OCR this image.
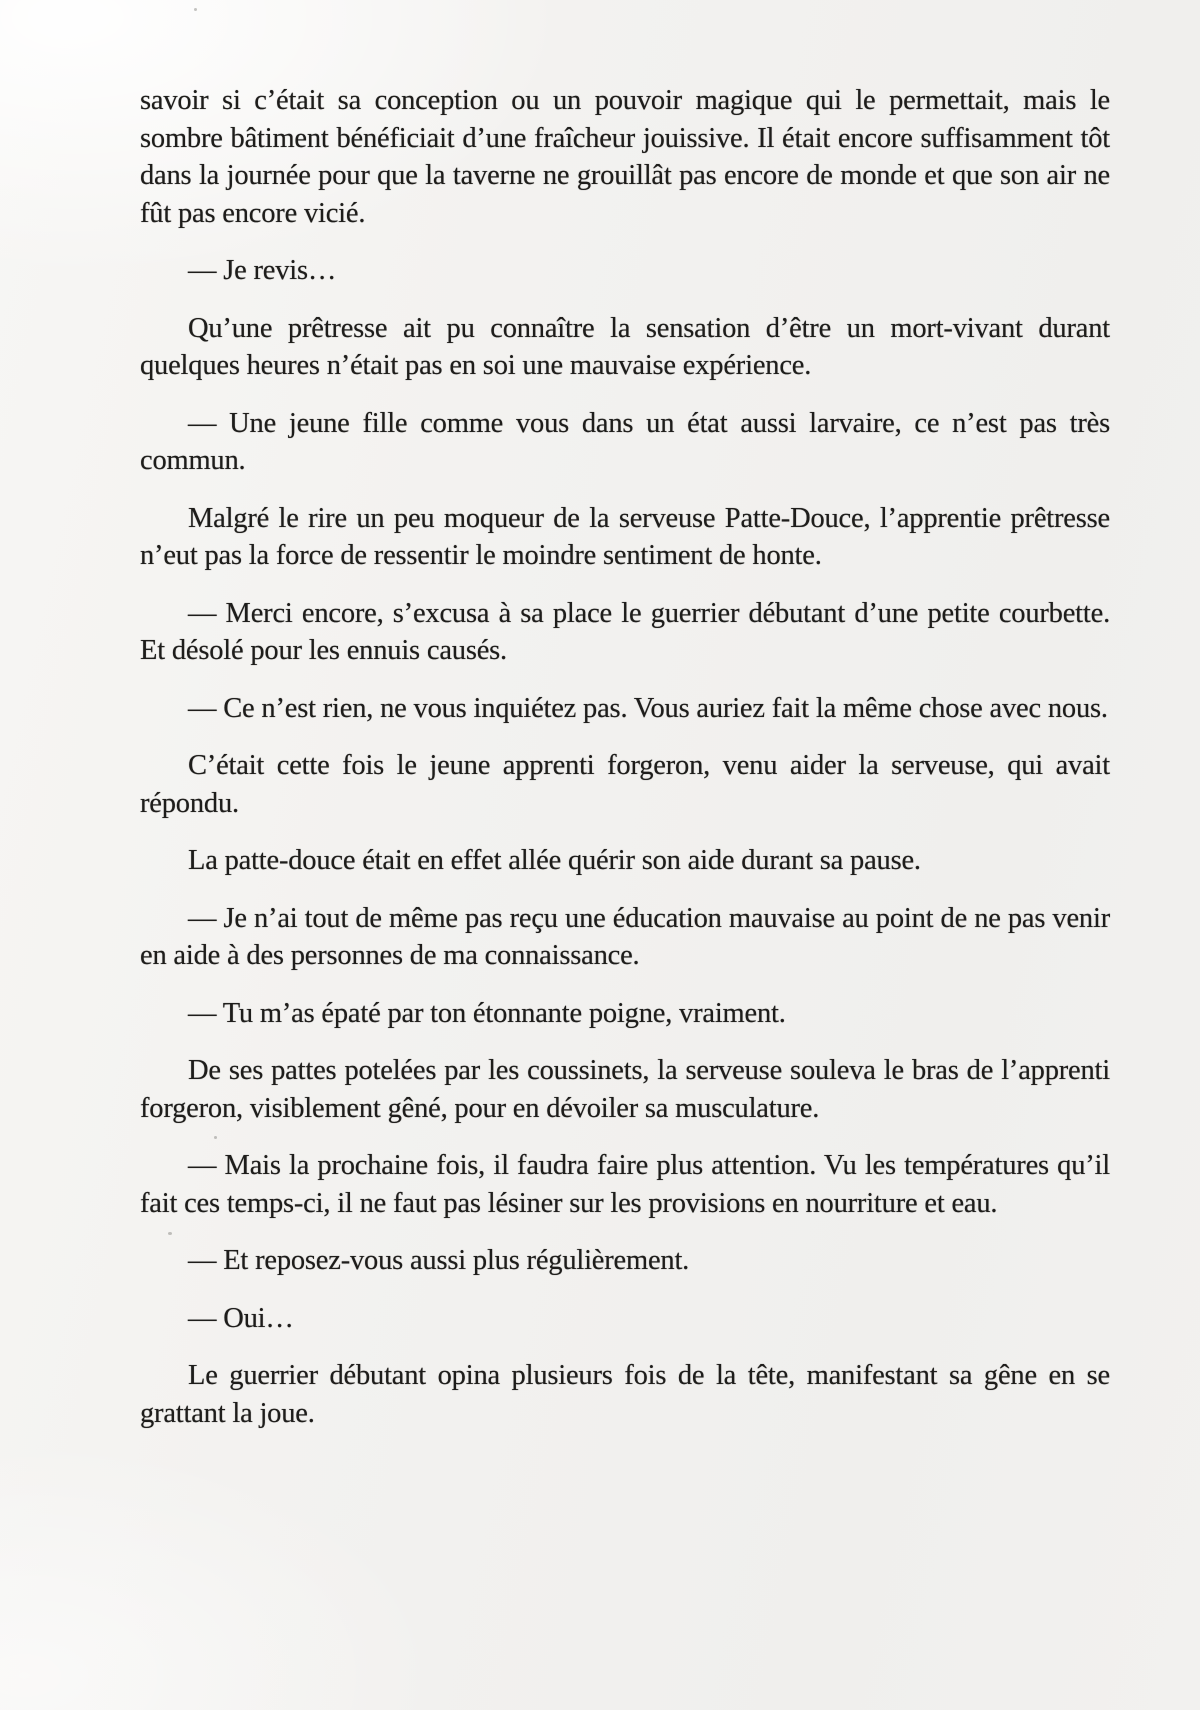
savoir si c’était sa conception ou un pouvoir magique qui le permettait, mais le sombre bâtiment bénéficiait d’une fraîcheur jouissive. Il était encore suffisamment tôt dans la journée pour que la taverne ne grouillât pas encore de monde et que son air ne fût pas encore vicié.

— Je revis…

Qu’une prêtresse ait pu connaître la sensation d’être un mort-vivant durant quelques heures n’était pas en soi une mauvaise expérience.

— Une jeune fille comme vous dans un état aussi larvaire, ce n’est pas très commun.

Malgré le rire un peu moqueur de la serveuse Patte-Douce, l’apprentie prêtresse n’eut pas la force de ressentir le moindre sentiment de honte.

— Merci encore, s’excusa à sa place le guerrier débutant d’une petite courbette. Et désolé pour les ennuis causés.

— Ce n’est rien, ne vous inquiétez pas. Vous auriez fait la même chose avec nous.

C’était cette fois le jeune apprenti forgeron, venu aider la serveuse, qui avait répondu.

La patte-douce était en effet allée quérir son aide durant sa pause.

— Je n’ai tout de même pas reçu une éducation mauvaise au point de ne pas venir en aide à des personnes de ma connaissance.

— Tu m’as épaté par ton étonnante poigne, vraiment.

De ses pattes potelées par les coussinets, la serveuse souleva le bras de l’apprenti forgeron, visiblement gêné, pour en dévoiler sa musculature.

— Mais la prochaine fois, il faudra faire plus attention. Vu les températures qu’il fait ces temps-ci, il ne faut pas lésiner sur les provisions en nourriture et eau.

— Et reposez-vous aussi plus régulièrement.

— Oui…

Le guerrier débutant opina plusieurs fois de la tête, manifestant sa gêne en se grattant la joue.
